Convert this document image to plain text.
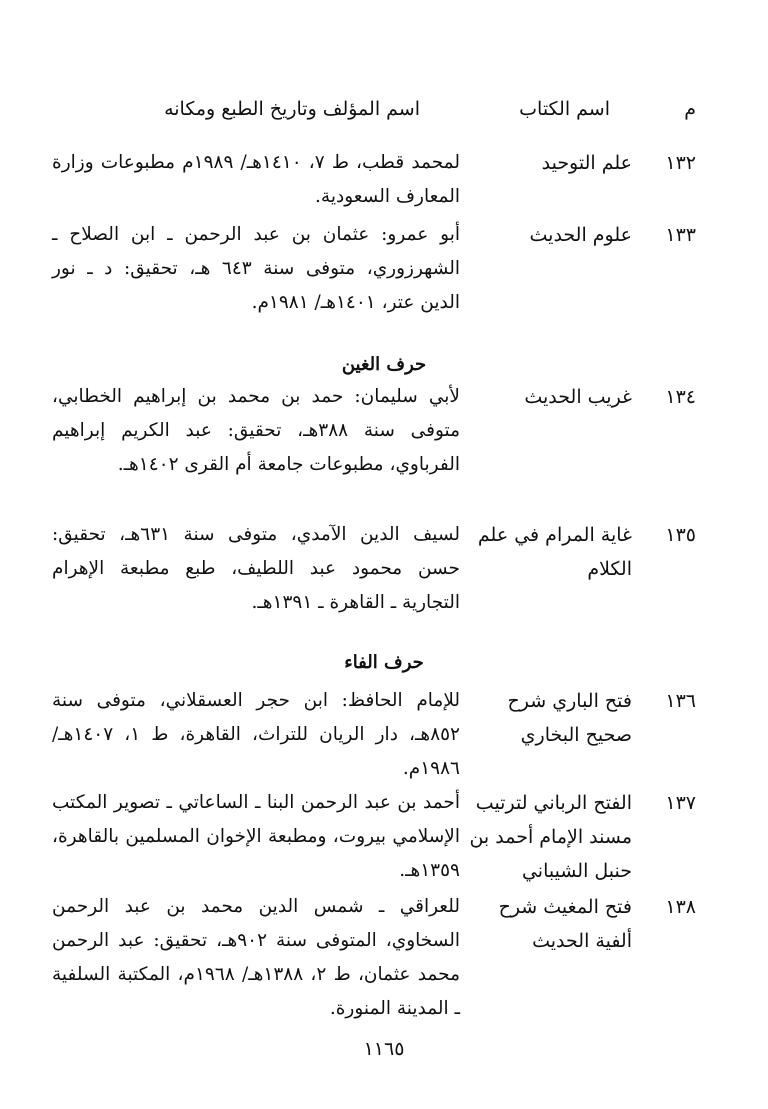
م
اسم الكتاب
اسم المؤلف وتاريخ الطبع ومكانه
١٣٢
علم التوحيد
لمحمد قطب، ط ٧، ١٤١٠هـ/ ١٩٨٩م مطبوعات وزارة المعارف السعودية.
١٣٣
علوم الحديث
أبو عمرو: عثمان بن عبد الرحمن ـ ابن الصلاح ـ الشهرزوري، متوفى سنة ٦٤٣ هـ، تحقيق: د ـ نور الدين عتر، ١٤٠١هـ/ ١٩٨١م.
حرف الغين
١٣٤
غريب الحديث
لأبي سليمان: حمد بن محمد بن إبراهيم الخطابي، متوفى سنة ٣٨٨هـ، تحقيق: عبد الكريم إبراهيم الفرباوي، مطبوعات جامعة أم القرى ١٤٠٢هـ.
١٣٥
غاية المرام في علم الكلام
لسيف الدين الآمدي، متوفى سنة ٦٣١هـ، تحقيق: حسن محمود عبد اللطيف، طبع مطبعة الإهرام التجارية ـ القاهرة ـ ١٣٩١هـ.
حرف الفاء
١٣٦
فتح الباري شرح صحيح البخاري
للإمام الحافظ: ابن حجر العسقلاني، متوفى سنة ٨٥٢هـ، دار الريان للتراث، القاهرة، ط ١، ١٤٠٧هـ/ ١٩٨٦م.
١٣٧
الفتح الرباني لترتيب مسند الإمام أحمد بن حنبل الشيباني
أحمد بن عبد الرحمن البنا ـ الساعاتي ـ تصوير المكتب الإسلامي بيروت، ومطبعة الإخوان المسلمين بالقاهرة، ١٣٥٩هـ.
١٣٨
فتح المغيث شرح ألفية الحديث
للعراقي ـ شمس الدين محمد بن عبد الرحمن السخاوي، المتوفى سنة ٩٠٢هـ، تحقيق: عبد الرحمن محمد عثمان، ط ٢، ١٣٨٨هـ/ ١٩٦٨م، المكتبة السلفية ـ المدينة المنورة.
١١٦٥
